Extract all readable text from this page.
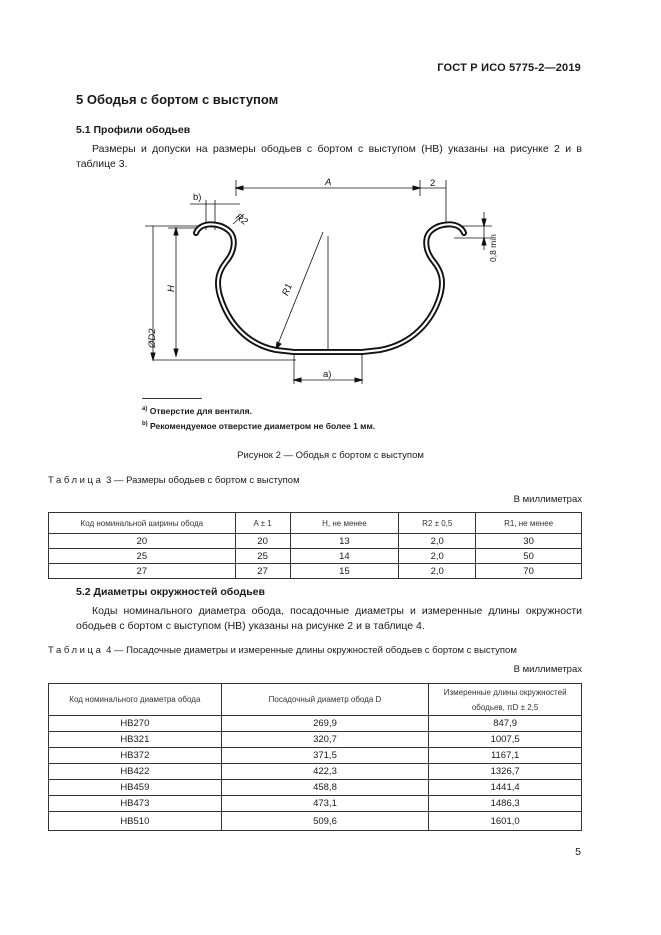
ГОСТ Р ИСО 5775-2—2019
5 Ободья с бортом с выступом
5.1 Профили ободьев
Размеры и допуски на размеры ободьев с бортом с выступом (HB) указаны на рисунке 2 и в таблице 3.
A	2
b)
R2
R1
H
ØD2
a)
0,8 min
$^{a)}$ Отверстие для вентиля.
$^{b)}$ Рекомендуемое отверстие диаметром не более 1 мм.
Рисунок 2 — Ободья с бортом с выступом
Таблица 3 — Размеры ободьев с бортом с выступом
В миллиметрах
Код номинальной ширины обода	A ± 1	H, не менее	R2 ± 0,5	R1, не менее
20	20	13	2,0	30
25	25	14	2,0	50
27	27	15	2,0	70
5.2 Диаметры окружностей ободьев
Коды номинального диаметра обода, посадочные диаметры и измеренные длины окружности ободьев с бортом с выступом (HB) указаны на рисунке 2 и в таблице 4.
Таблица 4 — Посадочные диаметры и измеренные длины окружностей ободьев с бортом с выступом
В миллиметрах
Код номинального диаметра обода	Посадочный диаметр обода D	Измеренные длины окружностей ободьев, πD ± 2,5
HB270	269,9	847,9
HB321	320,7	1007,5
HB372	371,5	1167,1
HB422	422,3	1326,7
HB459	458,8	1441,4
HB473	473,1	1486,3
HB510	509,6	1601,0
5
